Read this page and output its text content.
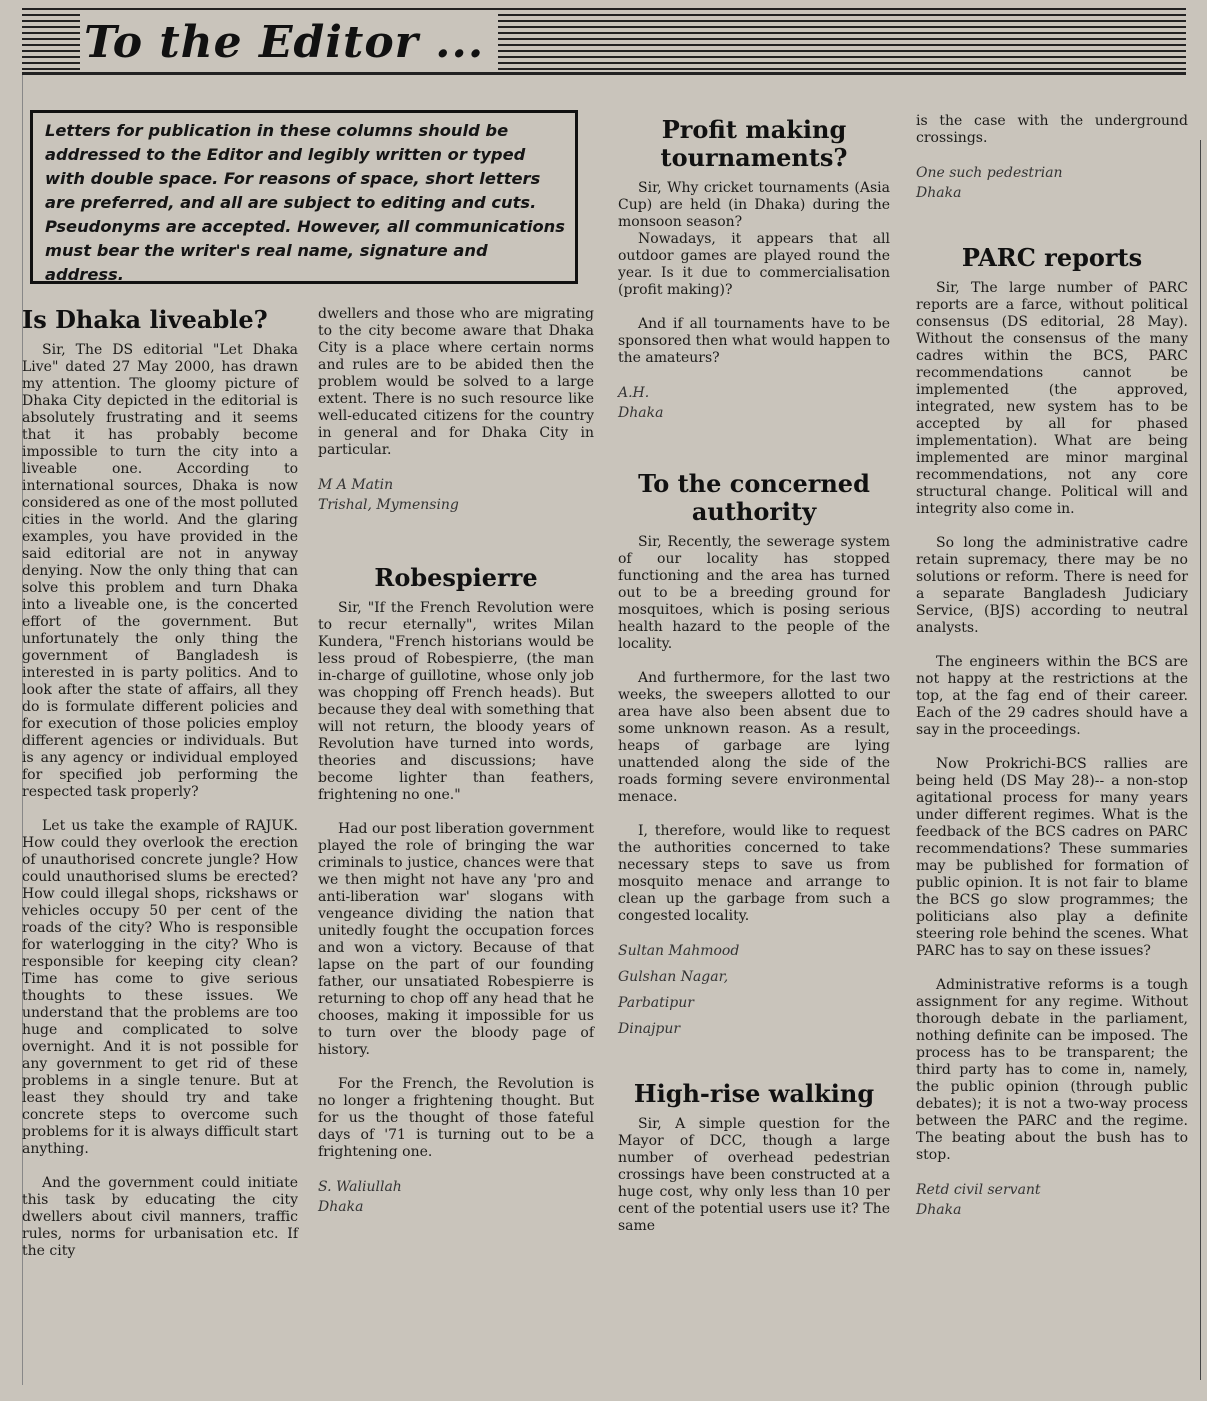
To the Editor ...
Letters for publication in these columns should be addressed to the Editor and legibly written or typed with double space. For reasons of space, short letters are preferred, and all are subject to editing and cuts. Pseudonyms are accepted. However, all communications must bear the writer's real name, signature and address.
Is Dhaka liveable?

Sir, The DS editorial "Let Dhaka Live" dated 27 May 2000, has drawn my attention. The gloomy picture of Dhaka City depicted in the editorial is absolutely frustrating and it seems that it has probably become impossible to turn the city into a liveable one. According to international sources, Dhaka is now considered as one of the most polluted cities in the world. And the glaring examples, you have provided in the said editorial are not in anyway denying. Now the only thing that can solve this problem and turn Dhaka into a liveable one, is the concerted effort of the government. But unfortunately the only thing the government of Bangladesh is interested in is party politics. And to look after the state of affairs, all they do is formulate different policies and for execution of those policies employ different agencies or individuals. But is any agency or individual employed for specified job performing the respected task properly?

Let us take the example of RAJUK. How could they overlook the erection of unauthorised concrete jungle? How could unauthorised slums be erected? How could illegal shops, rickshaws or vehicles occupy 50 per cent of the roads of the city? Who is responsible for waterlogging in the city? Who is responsible for keeping city clean? Time has come to give serious thoughts to these issues. We understand that the problems are too huge and complicated to solve overnight. And it is not possible for any government to get rid of these problems in a single tenure. But at least they should try and take concrete steps to overcome such problems for it is always difficult start anything.

And the government could initiate this task by educating the city dwellers about civil manners, traffic rules, norms for urbanisation etc. If the city

dwellers and those who are migrating to the city become aware that Dhaka City is a place where certain norms and rules are to be abided then the problem would be solved to a large extent. There is no such resource like well-educated citizens for the country in general and for Dhaka City in particular.

M A Matin
Trishal, Mymensing
Robespierre

Sir, "If the French Revolution were to recur eternally", writes Milan Kundera, "French historians would be less proud of Robespierre, (the man in-charge of guillotine, whose only job was chopping off French heads). But because they deal with something that will not return, the bloody years of Revolution have turned into words, theories and discussions; have become lighter than feathers, frightening no one."

Had our post liberation government played the role of bringing the war criminals to justice, chances were that we then might not have any 'pro and anti-liberation war' slogans with vengeance dividing the nation that unitedly fought the occupation forces and won a victory. Because of that lapse on the part of our founding father, our unsatiated Robespierre is returning to chop off any head that he chooses, making it impossible for us to turn over the bloody page of history.

For the French, the Revolution is no longer a frightening thought. But for us the thought of those fateful days of '71 is turning out to be a frightening one.

S. Waliullah
Dhaka
Profit making tournaments?

Sir, Why cricket tournaments (Asia Cup) are held (in Dhaka) during the monsoon season?

Nowadays, it appears that all outdoor games are played round the year. Is it due to commercialisation (profit making)?

And if all tournaments have to be sponsored then what would happen to the amateurs?

A.H.
Dhaka
To the concerned authority

Sir, Recently, the sewerage system of our locality has stopped functioning and the area has turned out to be a breeding ground for mosquitoes, which is posing serious health hazard to the people of the locality.

And furthermore, for the last two weeks, the sweepers allotted to our area have also been absent due to some unknown reason. As a result, heaps of garbage are lying unattended along the side of the roads forming severe environmental menace.

I, therefore, would like to request the authorities concerned to take necessary steps to save us from mosquito menace and arrange to clean up the garbage from such a congested locality.

Sultan Mahmood
Gulshan Nagar,
Parbatipur
Dinajpur
High-rise walking

Sir, A simple question for the Mayor of DCC, though a large number of overhead pedestrian crossings have been constructed at a huge cost, why only less than 10 per cent of the potential users use it? The same

is the case with the underground crossings.

One such pedestrian
Dhaka
PARC reports

Sir, The large number of PARC reports are a farce, without political consensus (DS editorial, 28 May). Without the consensus of the many cadres within the BCS, PARC recommendations cannot be implemented (the approved, integrated, new system has to be accepted by all for phased implementation). What are being implemented are minor marginal recommendations, not any core structural change. Political will and integrity also come in.

So long the administrative cadre retain supremacy, there may be no solutions or reform. There is need for a separate Bangladesh Judiciary Service, (BJS) according to neutral analysts.

The engineers within the BCS are not happy at the restrictions at the top, at the fag end of their career. Each of the 29 cadres should have a say in the proceedings.

Now Prokrichi-BCS rallies are being held (DS May 28)-- a non-stop agitational process for many years under different regimes. What is the feedback of the BCS cadres on PARC recommendations? These summaries may be published for formation of public opinion. It is not fair to blame the BCS go slow programmes; the politicians also play a definite steering role behind the scenes. What PARC has to say on these issues?

Administrative reforms is a tough assignment for any regime. Without thorough debate in the parliament, nothing definite can be imposed. The process has to be transparent; the third party has to come in, namely, the public opinion (through public debates); it is not a two-way process between the PARC and the regime. The beating about the bush has to stop.

Retd civil servant
Dhaka
